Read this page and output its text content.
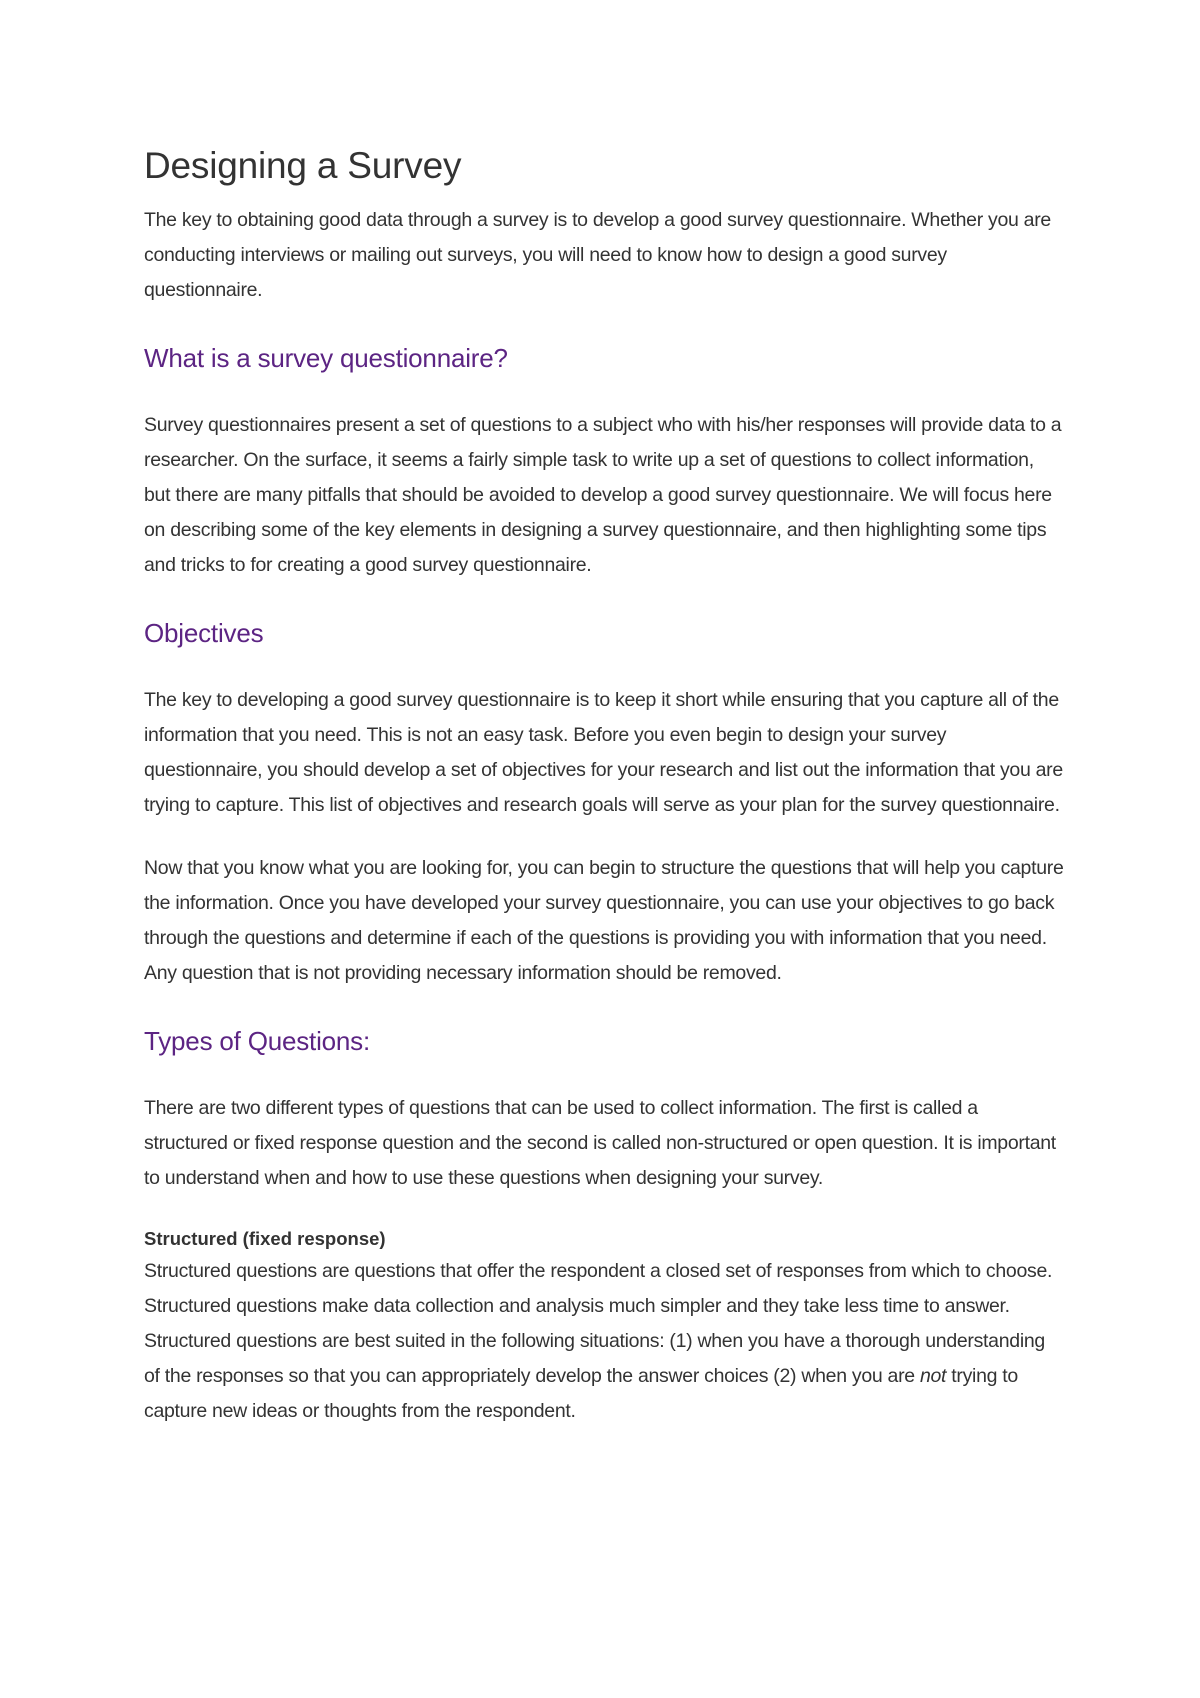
Designing a Survey

The key to obtaining good data through a survey is to develop a good survey questionnaire. Whether you are conducting interviews or mailing out surveys, you will need to know how to design a good survey questionnaire.

What is a survey questionnaire?

Survey questionnaires present a set of questions to a subject who with his/her responses will provide data to a researcher. On the surface, it seems a fairly simple task to write up a set of questions to collect information, but there are many pitfalls that should be avoided to develop a good survey questionnaire. We will focus here on describing some of the key elements in designing a survey questionnaire, and then highlighting some tips and tricks to for creating a good survey questionnaire.

Objectives

The key to developing a good survey questionnaire is to keep it short while ensuring that you capture all of the information that you need. This is not an easy task. Before you even begin to design your survey questionnaire, you should develop a set of objectives for your research and list out the information that you are trying to capture. This list of objectives and research goals will serve as your plan for the survey questionnaire.

Now that you know what you are looking for, you can begin to structure the questions that will help you capture the information. Once you have developed your survey questionnaire, you can use your objectives to go back through the questions and determine if each of the questions is providing you with information that you need. Any question that is not providing necessary information should be removed.

Types of Questions:

There are two different types of questions that can be used to collect information. The first is called a structured or fixed response question and the second is called non-structured or open question. It is important to understand when and how to use these questions when designing your survey.

Structured (fixed response)

Structured questions are questions that offer the respondent a closed set of responses from which to choose. Structured questions make data collection and analysis much simpler and they take less time to answer. Structured questions are best suited in the following situations: (1) when you have a thorough understanding of the responses so that you can appropriately develop the answer choices (2) when you are not trying to capture new ideas or thoughts from the respondent.
